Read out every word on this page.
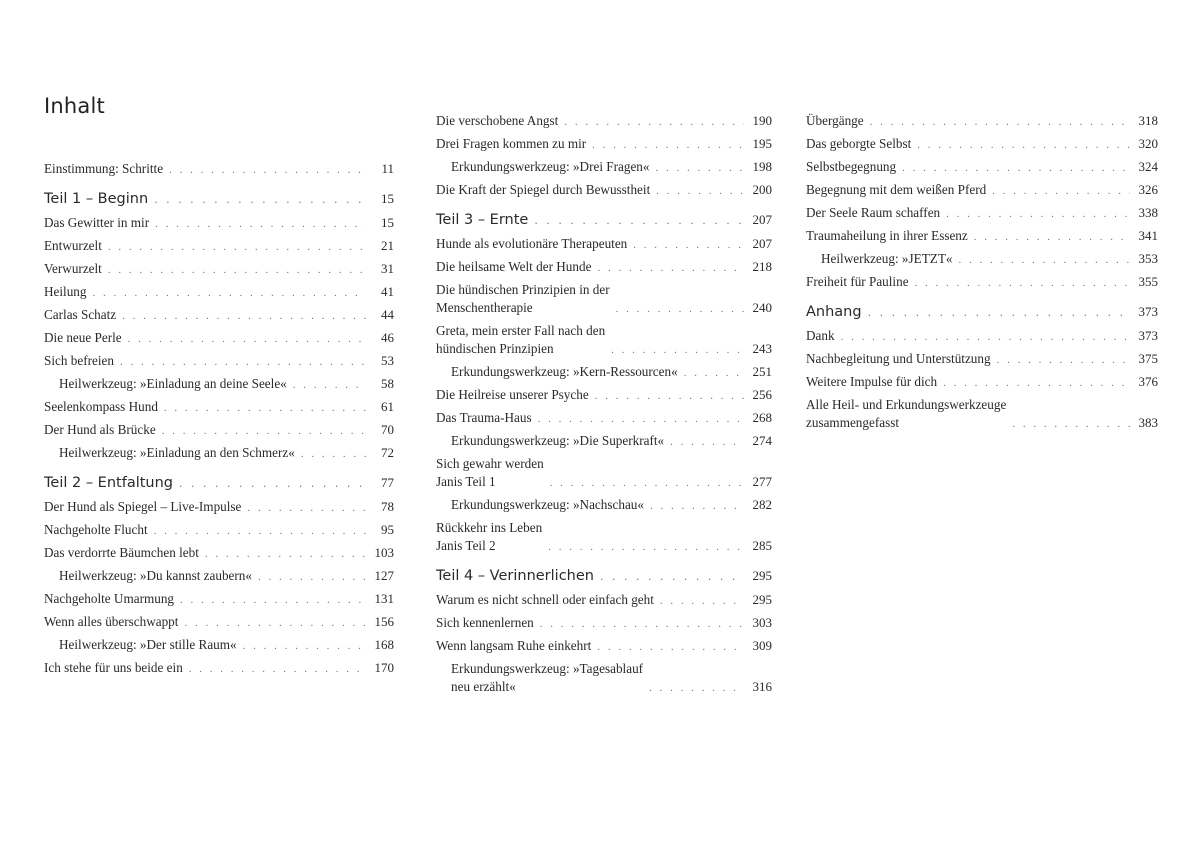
Inhalt
Einstimmung: Schritte . . .	11
Teil 1 – Beginn . . .	15
Das Gewitter in mir . . .	15
Entwurzelt . . .	21
Verwurzelt . . .	31
Heilung . . .	41
Carlas Schatz . . .	44
Die neue Perle . . .	46
Sich befreien . . .	53
Heilwerkzeug: »Einladung an deine Seele« . . .	58
Seelenkompass Hund . . .	61
Der Hund als Brücke . . .	70
Heilwerkzeug: »Einladung an den Schmerz« . . .	72
Teil 2 – Entfaltung . . .	77
Der Hund als Spiegel – Live-Impulse . . .	78
Nachgeholte Flucht . . .	95
Das verdorrte Bäumchen lebt . . .	103
Heilwerkzeug: »Du kannst zaubern« . . .	127
Nachgeholte Umarmung . . .	131
Wenn alles überschwappt . . .	156
Heilwerkzeug: »Der stille Raum« . . .	168
Ich stehe für uns beide ein . . .	170
Die verschobene Angst . . .	190
Drei Fragen kommen zu mir . . .	195
Erkundungswerkzeug: »Drei Fragen« . . .	198
Die Kraft der Spiegel durch Bewusstheit . . .	200
Teil 3 – Ernte . . .	207
Hunde als evolutionäre Therapeuten . . .	207
Die heilsame Welt der Hunde . . .	218
Die hündischen Prinzipien in der
Menschentherapie . . .	240
Greta, mein erster Fall nach den
hündischen Prinzipien . . .	243
Erkundungswerkzeug: »Kern-Ressourcen« . . .	251
Die Heilreise unserer Psyche . . .	256
Das Trauma-Haus . . .	268
Erkundungswerkzeug: »Die Superkraft« . . .	274
Sich gewahr werden
Janis Teil 1 . . .	277
Erkundungswerkzeug: »Nachschau« . . .	282
Rückkehr ins Leben
Janis Teil 2 . . .	285
Teil 4 – Verinnerlichen . . .	295
Warum es nicht schnell oder einfach geht . . .	295
Sich kennenlernen . . .	303
Wenn langsam Ruhe einkehrt . . .	309
Erkundungswerkzeug: »Tagesablauf
neu erzählt« . . .	316
Übergänge . . .	318
Das geborgte Selbst . . .	320
Selbstbegegnung . . .	324
Begegnung mit dem weißen Pferd . . .	326
Der Seele Raum schaffen . . .	338
Traumaheilung in ihrer Essenz . . .	341
Heilwerkzeug: »JETZT« . . .	353
Freiheit für Pauline . . .	355
Anhang . . .	373
Dank . . .	373
Nachbegleitung und Unterstützung . . .	375
Weitere Impulse für dich . . .	376
Alle Heil- und Erkundungswerkzeuge
zusammengefasst . . .	383
